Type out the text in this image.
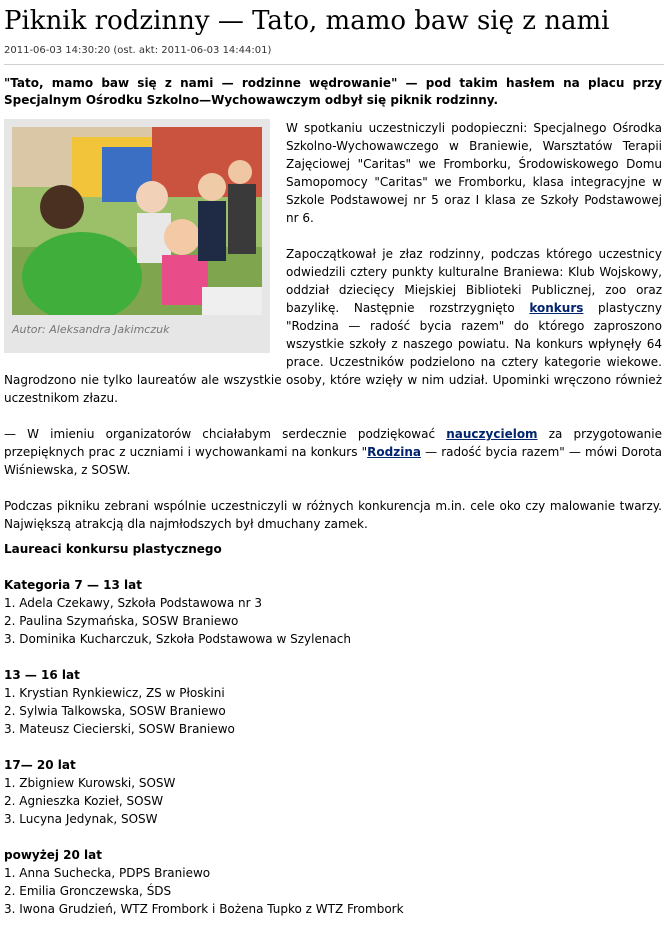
Piknik rodzinny — Tato, mamo baw się z nami
2011-06-03 14:30:20 (ost. akt: 2011-06-03 14:44:01)

"Tato, mamo baw się z nami — rodzinne wędrowanie" — pod takim hasłem na placu przy Specjalnym Ośrodku Szkolno—Wychowawczym odbył się piknik rodzinny.

Autor: Aleksandra Jakimczuk

W spotkaniu uczestniczyli podopieczni: Specjalnego Ośrodka Szkolno-Wychowawczego w Braniewie, Warsztatów Terapii Zajęciowej "Caritas" we Fromborku, Środowiskowego Domu Samopomocy "Caritas" we Fromborku, klasa integracyjne w Szkole Podstawowej nr 5 oraz I klasa ze Szkoły Podstawowej nr 6.

Zapoczątkował je złaz rodzinny, podczas którego uczestnicy odwiedzili cztery punkty kulturalne Braniewa: Klub Wojskowy, oddział dziecięcy Miejskiej Biblioteki Publicznej, zoo oraz bazylikę. Następnie rozstrzygnięto konkurs plastyczny "Rodzina — radość bycia razem" do którego zaproszono wszystkie szkoły z naszego powiatu. Na konkurs wpłynęły 64 prace. Uczestników podzielono na cztery kategorie wiekowe. Nagrodzono nie tylko laureatów ale wszystkie osoby, które wzięły w nim udział. Upominki wręczono również uczestnikom złazu.

— W imieniu organizatorów chciałabym serdecznie podziękować nauczycielom za przygotowanie przepięknych prac z uczniami i wychowankami na konkurs "Rodzina — radość bycia razem" — mówi Dorota Wiśniewska, z SOSW.

Podczas pikniku zebrani wspólnie uczestniczyli w różnych konkurencja m.in. cele oko czy malowanie twarzy. Największą atrakcją dla najmłodszych był dmuchany zamek.

Laureaci konkursu plastycznego
Kategoria 7 — 13 lat
1. Adela Czekawy, Szkoła Podstawowa nr 3
2. Paulina Szymańska, SOSW Braniewo
3. Dominika Kucharczuk, Szkoła Podstawowa w Szylenach
13 — 16 lat
1. Krystian Rynkiewicz, ZS w Płoskini
2. Sylwia Talkowska, SOSW Braniewo
3. Mateusz Ciecierski, SOSW Braniewo
17— 20 lat
1. Zbigniew Kurowski, SOSW
2. Agnieszka Kozieł, SOSW
3. Lucyna Jedynak, SOSW
powyżej 20 lat
1. Anna Suchecka, PDPS Braniewo
2. Emilia Gronczewska, ŚDS
3. Iwona Grudzień, WTZ Frombork i Bożena Tupko z WTZ Frombork
